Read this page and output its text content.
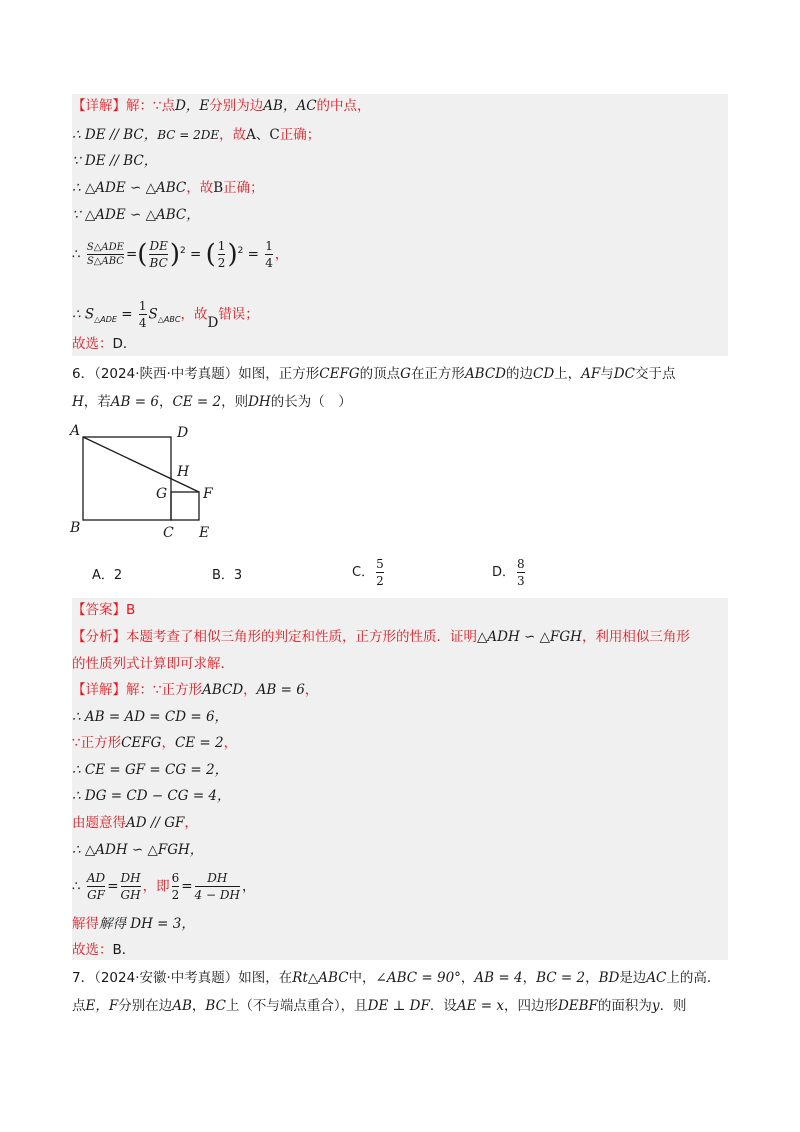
【详解】解：∵点D，E分别为边AB，AC的中点，
∴ DE // BC，BC = 2DE，故A、C正确；
∵ DE // BC，
∴ △ADE ∽ △ABC，故B正确；
∵ △ADE ∽ △ABC，
∴ $\frac{\text{S△ADE}}{\text{S△ABC}}$ =( $\frac{DE}{BC} )^2$ = ( $\frac{1}{2} )^2 = \frac{1}{4}$ ，
∴ $S_{\triangle ADE} = \frac{1}{4} S_{\triangle ABC}$，故D错误；
故选：D．
6．（2024·陕西·中考真题）如图，正方形CEFG的顶点G在正方形ABCD的边CD上，AF与DC交于点
H，若AB = 6，CE = 2，则DH的长为（　）
A	D
H
G	F
B	C E
A．2	B．3	C． $\frac{5}{2}$	D． $\frac{8}{3}$
【答案】B
【分析】本题考查了相似三角形的判定和性质，正方形的性质．证明△ADH ∽ △FGH，利用相似三角形
的性质列式计算即可求解．
【详解】解：∵正方形ABCD，AB = 6，
∴ AB = AD = CD = 6，
∵正方形CEFG，CE = 2，
∴ CE = GF = CG = 2，
∴ DG = CD − CG = 4，
由题意得AD // GF，
∴ △ADH ∽ △FGH，
∴ $\frac{AD}{GF} = \frac{DH}{GH}$ ，即 $\frac{6}{2} = \frac{DH}{4 - DH}$ ，
解得解得 DH = 3，
故选：B．
7．（2024·安徽·中考真题）如图，在Rt△ABC中，∠ABC = 90°，AB = 4，BC = 2，BD是边AC上的高．
点E，F分别在边AB，BC上（不与端点重合），且DE ⊥ DF．设AE = x，四边形DEBF的面积为y．则
